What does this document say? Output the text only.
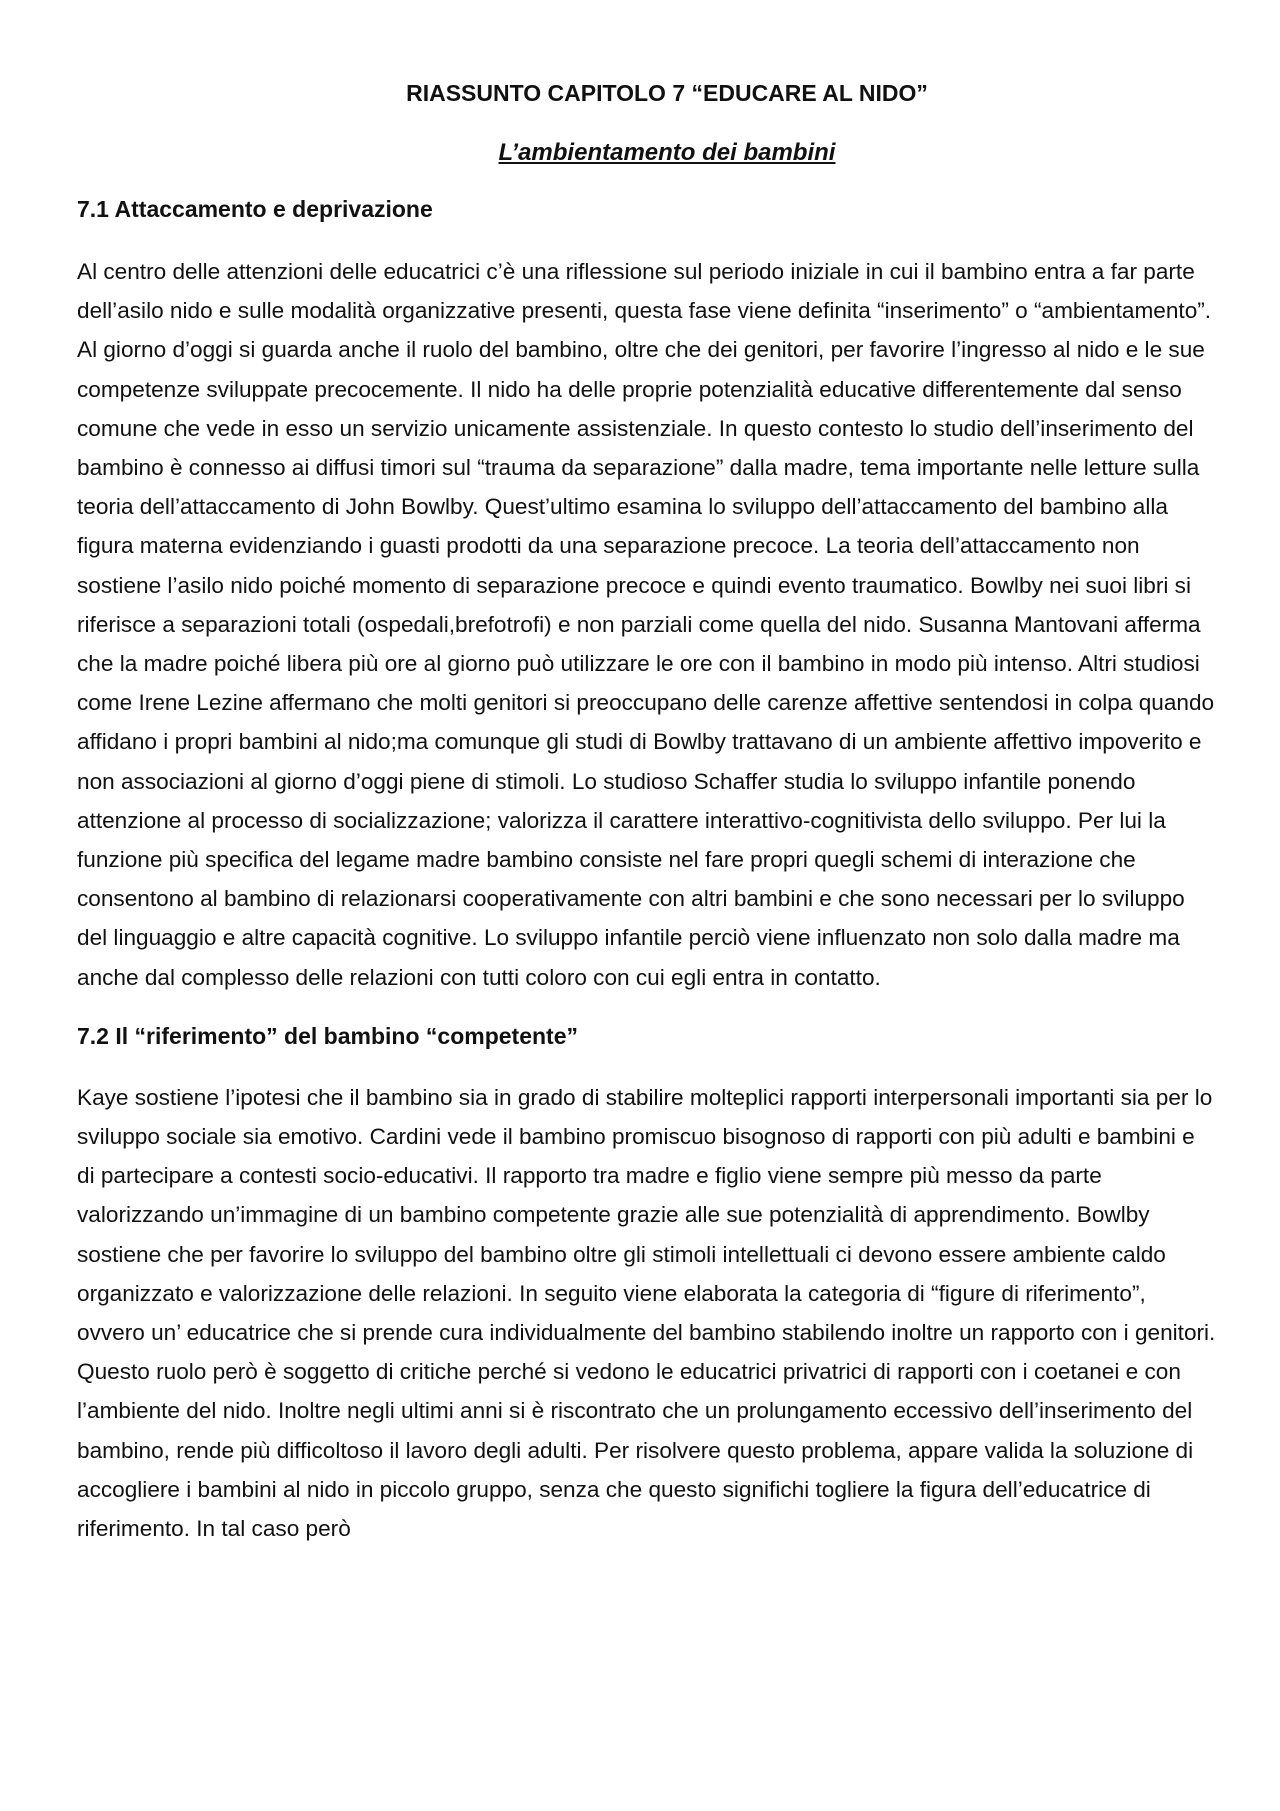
RIASSUNTO CAPITOLO 7 “EDUCARE AL NIDO”
L’ambientamento dei bambini
7.1 Attaccamento e deprivazione

Al centro delle attenzioni delle educatrici c’è una riflessione sul periodo iniziale in cui il bambino entra a far parte dell’asilo nido e sulle modalità organizzative presenti, questa fase viene definita “inserimento” o “ambientamento”. Al giorno d’oggi si guarda anche il ruolo del bambino, oltre che dei genitori, per favorire l’ingresso al nido e le sue competenze sviluppate precocemente. Il nido ha delle proprie potenzialità educative differentemente dal senso comune che vede in esso un servizio unicamente assistenziale. In questo contesto lo studio dell’inserimento del bambino è connesso ai diffusi timori sul “trauma da separazione” dalla madre, tema importante nelle letture sulla teoria dell’attaccamento di John Bowlby. Quest’ultimo esamina lo sviluppo dell’attaccamento del bambino alla figura materna evidenziando i guasti prodotti da una separazione precoce. La teoria dell’attaccamento non sostiene l’asilo nido poiché momento di separazione precoce e quindi evento traumatico. Bowlby nei suoi libri si riferisce a separazioni totali (ospedali,brefotrofi) e non parziali come quella del nido. Susanna Mantovani afferma che la madre poiché libera più ore al giorno può utilizzare le ore con il bambino in modo più intenso. Altri studiosi come Irene Lezine affermano che molti genitori si preoccupano delle carenze affettive sentendosi in colpa quando affidano i propri bambini al nido;ma comunque gli studi di Bowlby trattavano di un ambiente affettivo impoverito e non associazioni al giorno d’oggi piene di stimoli. Lo studioso Schaffer studia lo sviluppo infantile ponendo attenzione al processo di socializzazione; valorizza il carattere interattivo-cognitivista dello sviluppo. Per lui la funzione più specifica del legame madre bambino consiste nel fare propri quegli schemi di interazione che consentono al bambino di relazionarsi cooperativamente con altri bambini e che sono necessari per lo sviluppo del linguaggio e altre capacità cognitive. Lo sviluppo infantile perciò viene influenzato non solo dalla madre ma anche dal complesso delle relazioni con tutti coloro con cui egli entra in contatto.

7.2 Il “riferimento” del bambino “competente”

Kaye sostiene l’ipotesi che il bambino sia in grado di stabilire molteplici rapporti interpersonali importanti sia per lo sviluppo sociale sia emotivo. Cardini vede il bambino promiscuo bisognoso di rapporti con più adulti e bambini e di partecipare a contesti socio-educativi. Il rapporto tra madre e figlio viene sempre più messo da parte valorizzando un’immagine di un bambino competente grazie alle sue potenzialità di apprendimento. Bowlby sostiene che per favorire lo sviluppo del bambino oltre gli stimoli intellettuali ci devono essere ambiente caldo organizzato e valorizzazione delle relazioni. In seguito viene elaborata la categoria di “figure di riferimento”, ovvero un’ educatrice che si prende cura individualmente del bambino stabilendo inoltre un rapporto con i genitori. Questo ruolo però è soggetto di critiche perché si vedono le educatrici privatrici di rapporti con i coetanei e con l’ambiente del nido. Inoltre negli ultimi anni si è riscontrato che un prolungamento eccessivo dell’inserimento del bambino, rende più difficoltoso il lavoro degli adulti. Per risolvere questo problema, appare valida la soluzione di accogliere i bambini al nido in piccolo gruppo, senza che questo significhi togliere la figura dell’educatrice di riferimento. In tal caso però
